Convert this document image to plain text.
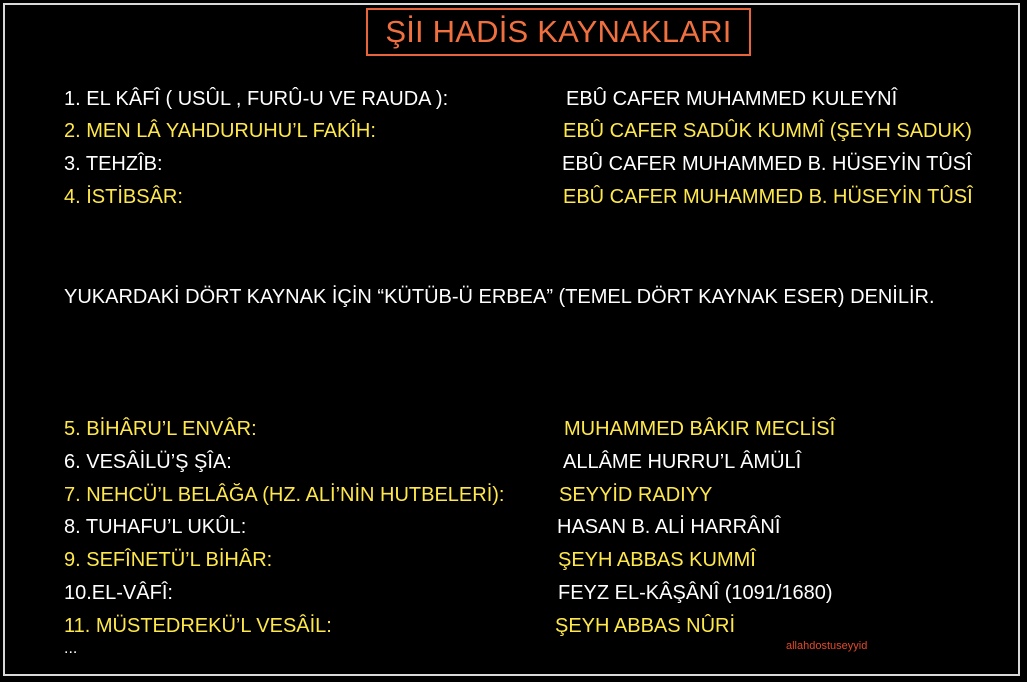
ŞİI HADİS KAYNAKLARI
1. EL KÂFÎ ( USÛL , FURÛ-U VE RAUDA ):	EBÛ CAFER MUHAMMED KULEYNÎ
2. MEN LÂ YAHDURUHU’L FAKÎH:	EBÛ CAFER SADÛK KUMMÎ (ŞEYH SADUK)
3. TEHZÎB:	EBÛ CAFER MUHAMMED B. HÜSEYİN TÛSÎ
4. İSTİBSÂR:	EBÛ CAFER MUHAMMED B. HÜSEYİN TÛSÎ
YUKARDAKİ DÖRT KAYNAK İÇİN “KÜTÜB-Ü ERBEA” (TEMEL DÖRT KAYNAK ESER) DENİLİR.
5. BİHÂRU’L ENVÂR:	MUHAMMED BÂKIR MECLİSÎ
6. VESÂİLÜ’Ş ŞÎA:	ALLÂME HURRU’L ÂMÜLÎ
7. NEHCÜ’L BELÂĞA (HZ. ALİ’NİN HUTBELERİ):	SEYYİD RADIYY
8. TUHAFU’L UKÛL:	HASAN B. ALİ HARRÂNÎ
9. SEFÎNETÜ’L BİHÂR:	ŞEYH ABBAS KUMMÎ
10.EL-VÂFÎ:	FEYZ EL-KÂŞÂNÎ (1091/1680)
11. MÜSTEDREKÜ’L VESÂİL:	ŞEYH ABBAS NÛRİ
...	allahdostuseyyid
